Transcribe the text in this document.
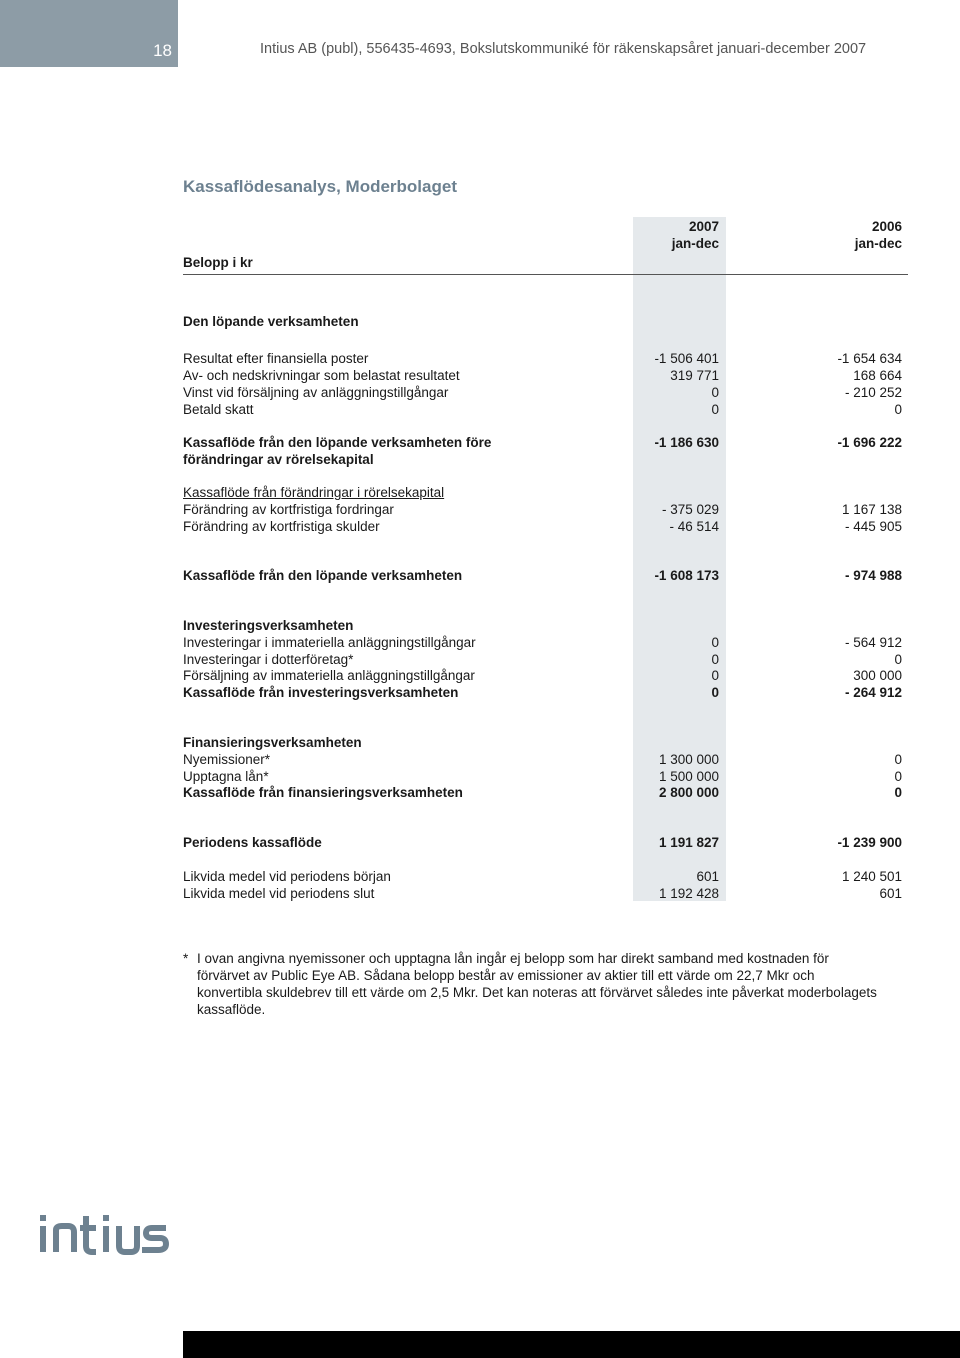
18	Intius AB (publ), 556435-4693, Bokslutskommuniké för räkenskapsåret januari-december 2007
Kassaflödesanalys, Moderbolaget
Belopp i kr
2007
jan-dec
2006
jan-dec
Den löpande verksamheten
Resultat efter finansiella poster	-1 506 401	-1 654 634
Av- och nedskrivningar som belastat resultatet	319 771	168 664
Vinst vid försäljning av anläggningstillgångar	0	- 210 252
Betald skatt	0	0
Kassaflöde från den löpande verksamheten före
förändringar av rörelsekapital
-1 186 630	-1 696 222
Kassaflöde från förändringar i rörelsekapital
Förändring av kortfristiga fordringar	- 375 029	1 167 138
Förändring av kortfristiga skulder	- 46 514	- 445 905
Kassaflöde från den löpande verksamheten	-1 608 173	- 974 988
Investeringsverksamheten
Investeringar i immateriella anläggningstillgångar	0	- 564 912
Investeringar i dotterföretag*	0	0
Försäljning av immateriella anläggningstillgångar	0	300 000
Kassaflöde från investeringsverksamheten	0	- 264 912
Finansieringsverksamheten
Nyemissioner*	1 300 000	0
Upptagna lån*	1 500 000	0
Kassaflöde från finansieringsverksamheten	2 800 000	0
Periodens kassaflöde	1 191 827	-1 239 900
Likvida medel vid periodens början	601	1 240 501
Likvida medel vid periodens slut	1 192 428	601
* I ovan angivna nyemissoner och upptagna lån ingår ej belopp som har direkt samband med kostnaden för förvärvet av Public Eye AB. Sådana belopp består av emissioner av aktier till ett värde om 22,7 Mkr och konvertibla skuldebrev till ett värde om 2,5 Mkr. Det kan noteras att förvärvet således inte påverkat moderbolagets kassaflöde.
